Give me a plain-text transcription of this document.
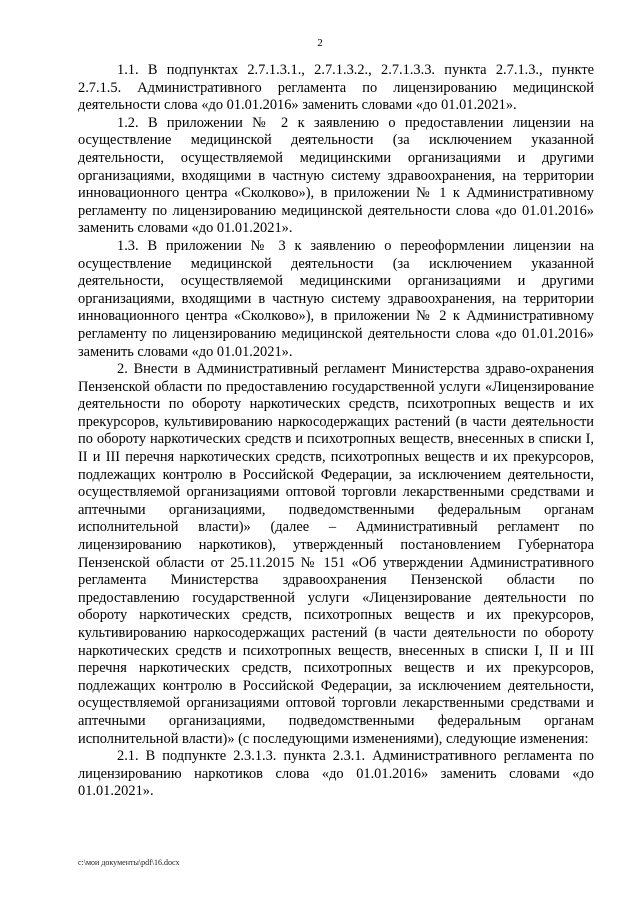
2

1.1. В подпунктах 2.7.1.3.1., 2.7.1.3.2., 2.7.1.3.3. пункта 2.7.1.3., пункте 2.7.1.5. Административного регламента по лицензированию медицинской деятельности слова «до 01.01.2016» заменить словами «до 01.01.2021».

1.2. В приложении № 2 к заявлению о предоставлении лицензии на осуществление медицинской деятельности (за исключением указанной деятельности, осуществляемой медицинскими организациями и другими организациями, входящими в частную систему здравоохранения, на территории инновационного центра «Сколково»), в приложении № 1 к Административному регламенту по лицензированию медицинской деятельности слова «до 01.01.2016» заменить словами «до 01.01.2021».

1.3. В приложении № 3 к заявлению о переоформлении лицензии на осуществление медицинской деятельности (за исключением указанной деятельности, осуществляемой медицинскими организациями и другими организациями, входящими в частную систему здравоохранения, на территории инновационного центра «Сколково»), в приложении № 2 к Административному регламенту по лицензированию медицинской деятельности слова «до 01.01.2016» заменить словами «до 01.01.2021».

2. Внести в Административный регламент Министерства здраво-охранения Пензенской области по предоставлению государственной услуги «Лицензирование деятельности по обороту наркотических средств, психотропных веществ и их прекурсоров, культивированию наркосодержащих растений (в части деятельности по обороту наркотических средств и психотропных веществ, внесенных в списки I, II и III перечня наркотических средств, психотропных веществ и их прекурсоров, подлежащих контролю в Российской Федерации, за исключением деятельности, осуществляемой организациями оптовой торговли лекарственными средствами и аптечными организациями, подведомственными федеральным органам исполнительной власти)» (далее – Административный регламент по лицензированию наркотиков), утвержденный постановлением Губернатора Пензенской области от 25.11.2015 № 151 «Об утверждении Административного регламента Министерства здравоохранения Пензенской области по предоставлению государственной услуги «Лицензирование деятельности по обороту наркотических средств, психотропных веществ и их прекурсоров, культивированию наркосодержащих растений (в части деятельности по обороту наркотических средств и психотропных веществ, внесенных в списки I, II и III перечня наркотических средств, психотропных веществ и их прекурсоров, подлежащих контролю в Российской Федерации, за исключением деятельности, осуществляемой организациями оптовой торговли лекарственными средствами и аптечными организациями, подведомственными федеральным органам исполнительной власти)» (с последующими изменениями), следующие изменения:

2.1. В подпункте 2.3.1.3. пункта 2.3.1. Административного регламента по лицензированию наркотиков слова «до 01.01.2016» заменить словами «до 01.01.2021».

c:\мои документы\pdf\16.docx
